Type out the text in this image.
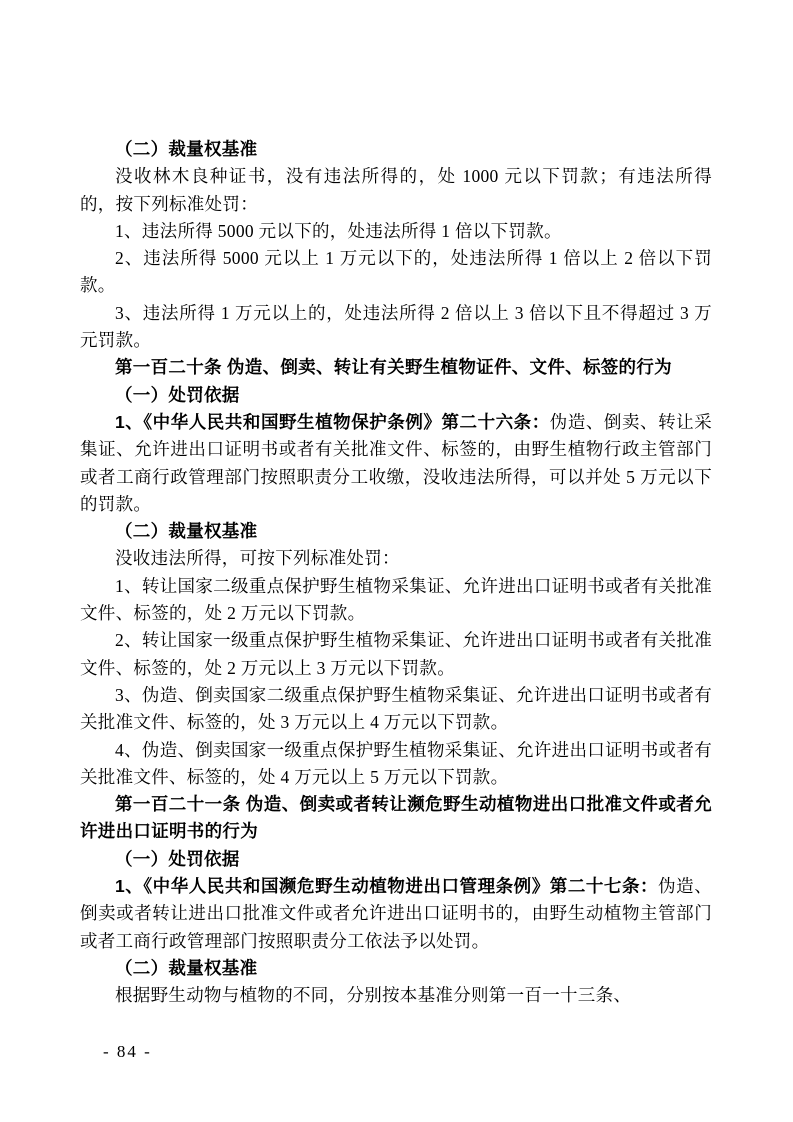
（二）裁量权基准

没收林木良种证书，没有违法所得的，处 1000 元以下罚款；有违法所得的，按下列标准处罚：

1、违法所得 5000 元以下的，处违法所得 1 倍以下罚款。

2、违法所得 5000 元以上 1 万元以下的，处违法所得 1 倍以上 2 倍以下罚款。

3、违法所得 1 万元以上的，处违法所得 2 倍以上 3 倍以下且不得超过 3 万元罚款。

第一百二十条 伪造、倒卖、转让有关野生植物证件、文件、标签的行为

（一）处罚依据

1、《中华人民共和国野生植物保护条例》第二十六条：伪造、倒卖、转让采集证、允许进出口证明书或者有关批准文件、标签的，由野生植物行政主管部门或者工商行政管理部门按照职责分工收缴，没收违法所得，可以并处 5 万元以下的罚款。

（二）裁量权基准

没收违法所得，可按下列标准处罚：

1、转让国家二级重点保护野生植物采集证、允许进出口证明书或者有关批准文件、标签的，处 2 万元以下罚款。

2、转让国家一级重点保护野生植物采集证、允许进出口证明书或者有关批准文件、标签的，处 2 万元以上 3 万元以下罚款。

3、伪造、倒卖国家二级重点保护野生植物采集证、允许进出口证明书或者有关批准文件、标签的，处 3 万元以上 4 万元以下罚款。

4、伪造、倒卖国家一级重点保护野生植物采集证、允许进出口证明书或者有关批准文件、标签的，处 4 万元以上 5 万元以下罚款。

第一百二十一条 伪造、倒卖或者转让濒危野生动植物进出口批准文件或者允许进出口证明书的行为

（一）处罚依据

1、《中华人民共和国濒危野生动植物进出口管理条例》第二十七条：伪造、倒卖或者转让进出口批准文件或者允许进出口证明书的，由野生动植物主管部门或者工商行政管理部门按照职责分工依法予以处罚。

（二）裁量权基准

根据野生动物与植物的不同，分别按本基准分则第一百一十三条、

- 84 -
